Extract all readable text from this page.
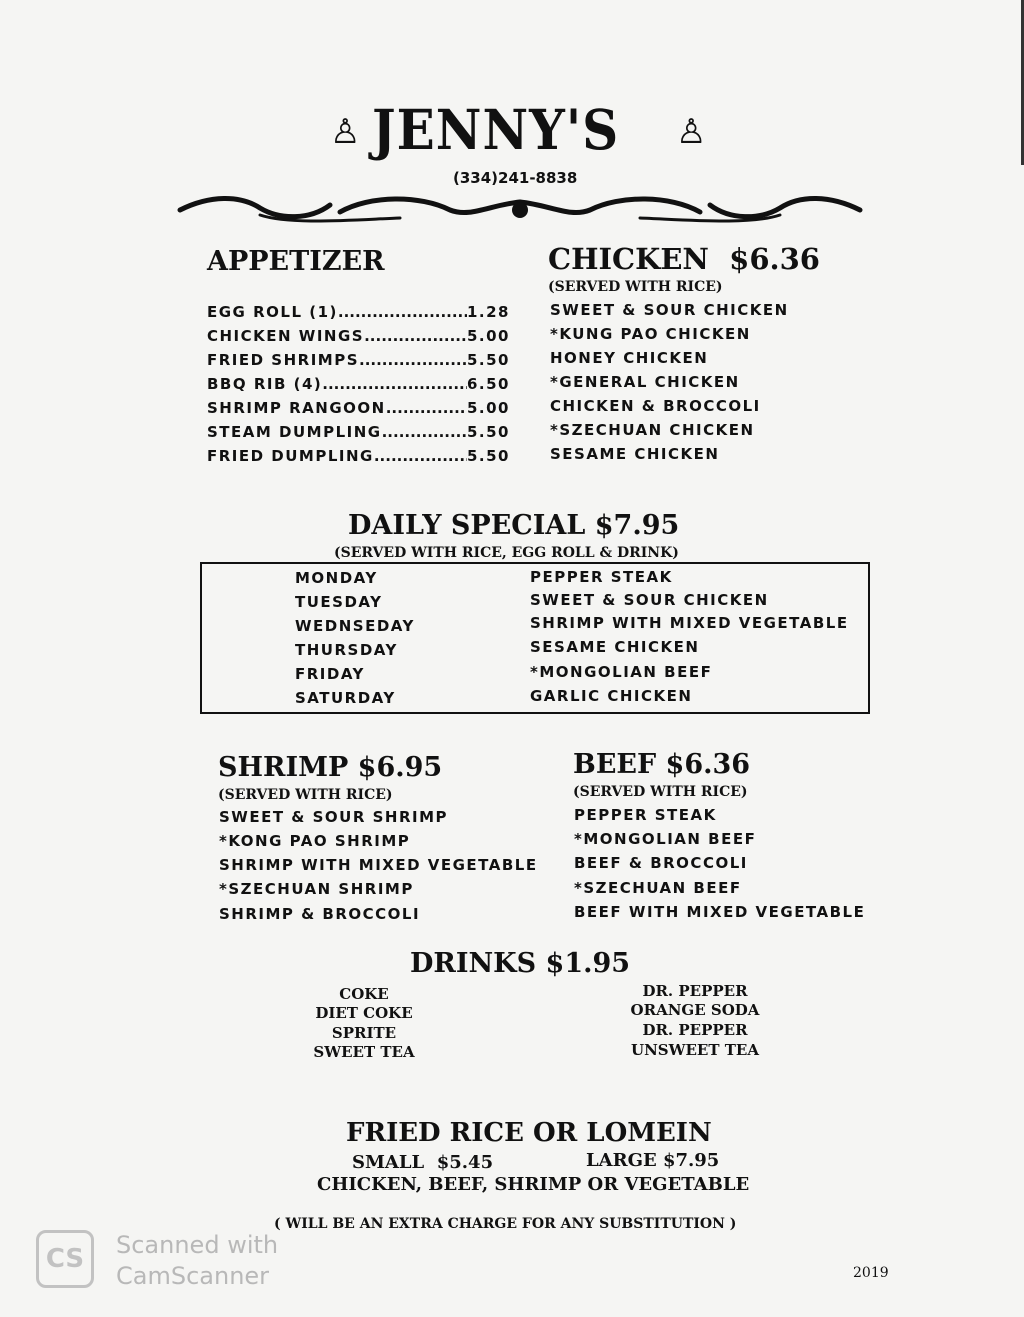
♙ JENNY'S ♙
(334)241-8838
APPETIZER
EGG ROLL (1) .....	1.28
CHICKEN WINGS .....	5.00
FRIED SHRIMPS .....	5.50
BBQ RIB (4) .....	6.50
SHRIMP RANGOON .....	5.00
STEAM DUMPLING .....	5.50
FRIED DUMPLING .....	5.50
CHICKEN  $6.36
(SERVED WITH RICE)
SWEET & SOUR CHICKEN
*KUNG PAO CHICKEN
HONEY CHICKEN
*GENERAL CHICKEN
CHICKEN & BROCCOLI
*SZECHUAN CHICKEN
SESAME CHICKEN
DAILY SPECIAL $7.95
(SERVED WITH RICE, EGG ROLL & DRINK)
MONDAY	PEPPER STEAK
TUESDAY	SWEET & SOUR CHICKEN
WEDNSEDAY	SHRIMP WITH MIXED VEGETABLE
THURSDAY	SESAME CHICKEN
FRIDAY	*MONGOLIAN BEEF
SATURDAY	GARLIC CHICKEN
SHRIMP $6.95
(SERVED WITH RICE)
SWEET & SOUR SHRIMP
*KONG PAO SHRIMP
SHRIMP WITH MIXED VEGETABLE
*SZECHUAN SHRIMP
SHRIMP & BROCCOLI
BEEF $6.36
(SERVED WITH RICE)
PEPPER STEAK
*MONGOLIAN BEEF
BEEF & BROCCOLI
*SZECHUAN BEEF
BEEF WITH MIXED VEGETABLE
DRINKS $1.95
COKE
DIET COKE
SPRITE
SWEET TEA
DR. PEPPER
ORANGE SODA
DR. PEPPER
UNSWEET TEA
FRIED RICE OR LOMEIN
SMALL  $5.45	LARGE $7.95
CHICKEN, BEEF, SHRIMP OR VEGETABLE
( WILL BE AN EXTRA CHARGE FOR ANY SUBSTITUTION )
CS	Scanned with
CamScanner	2019
